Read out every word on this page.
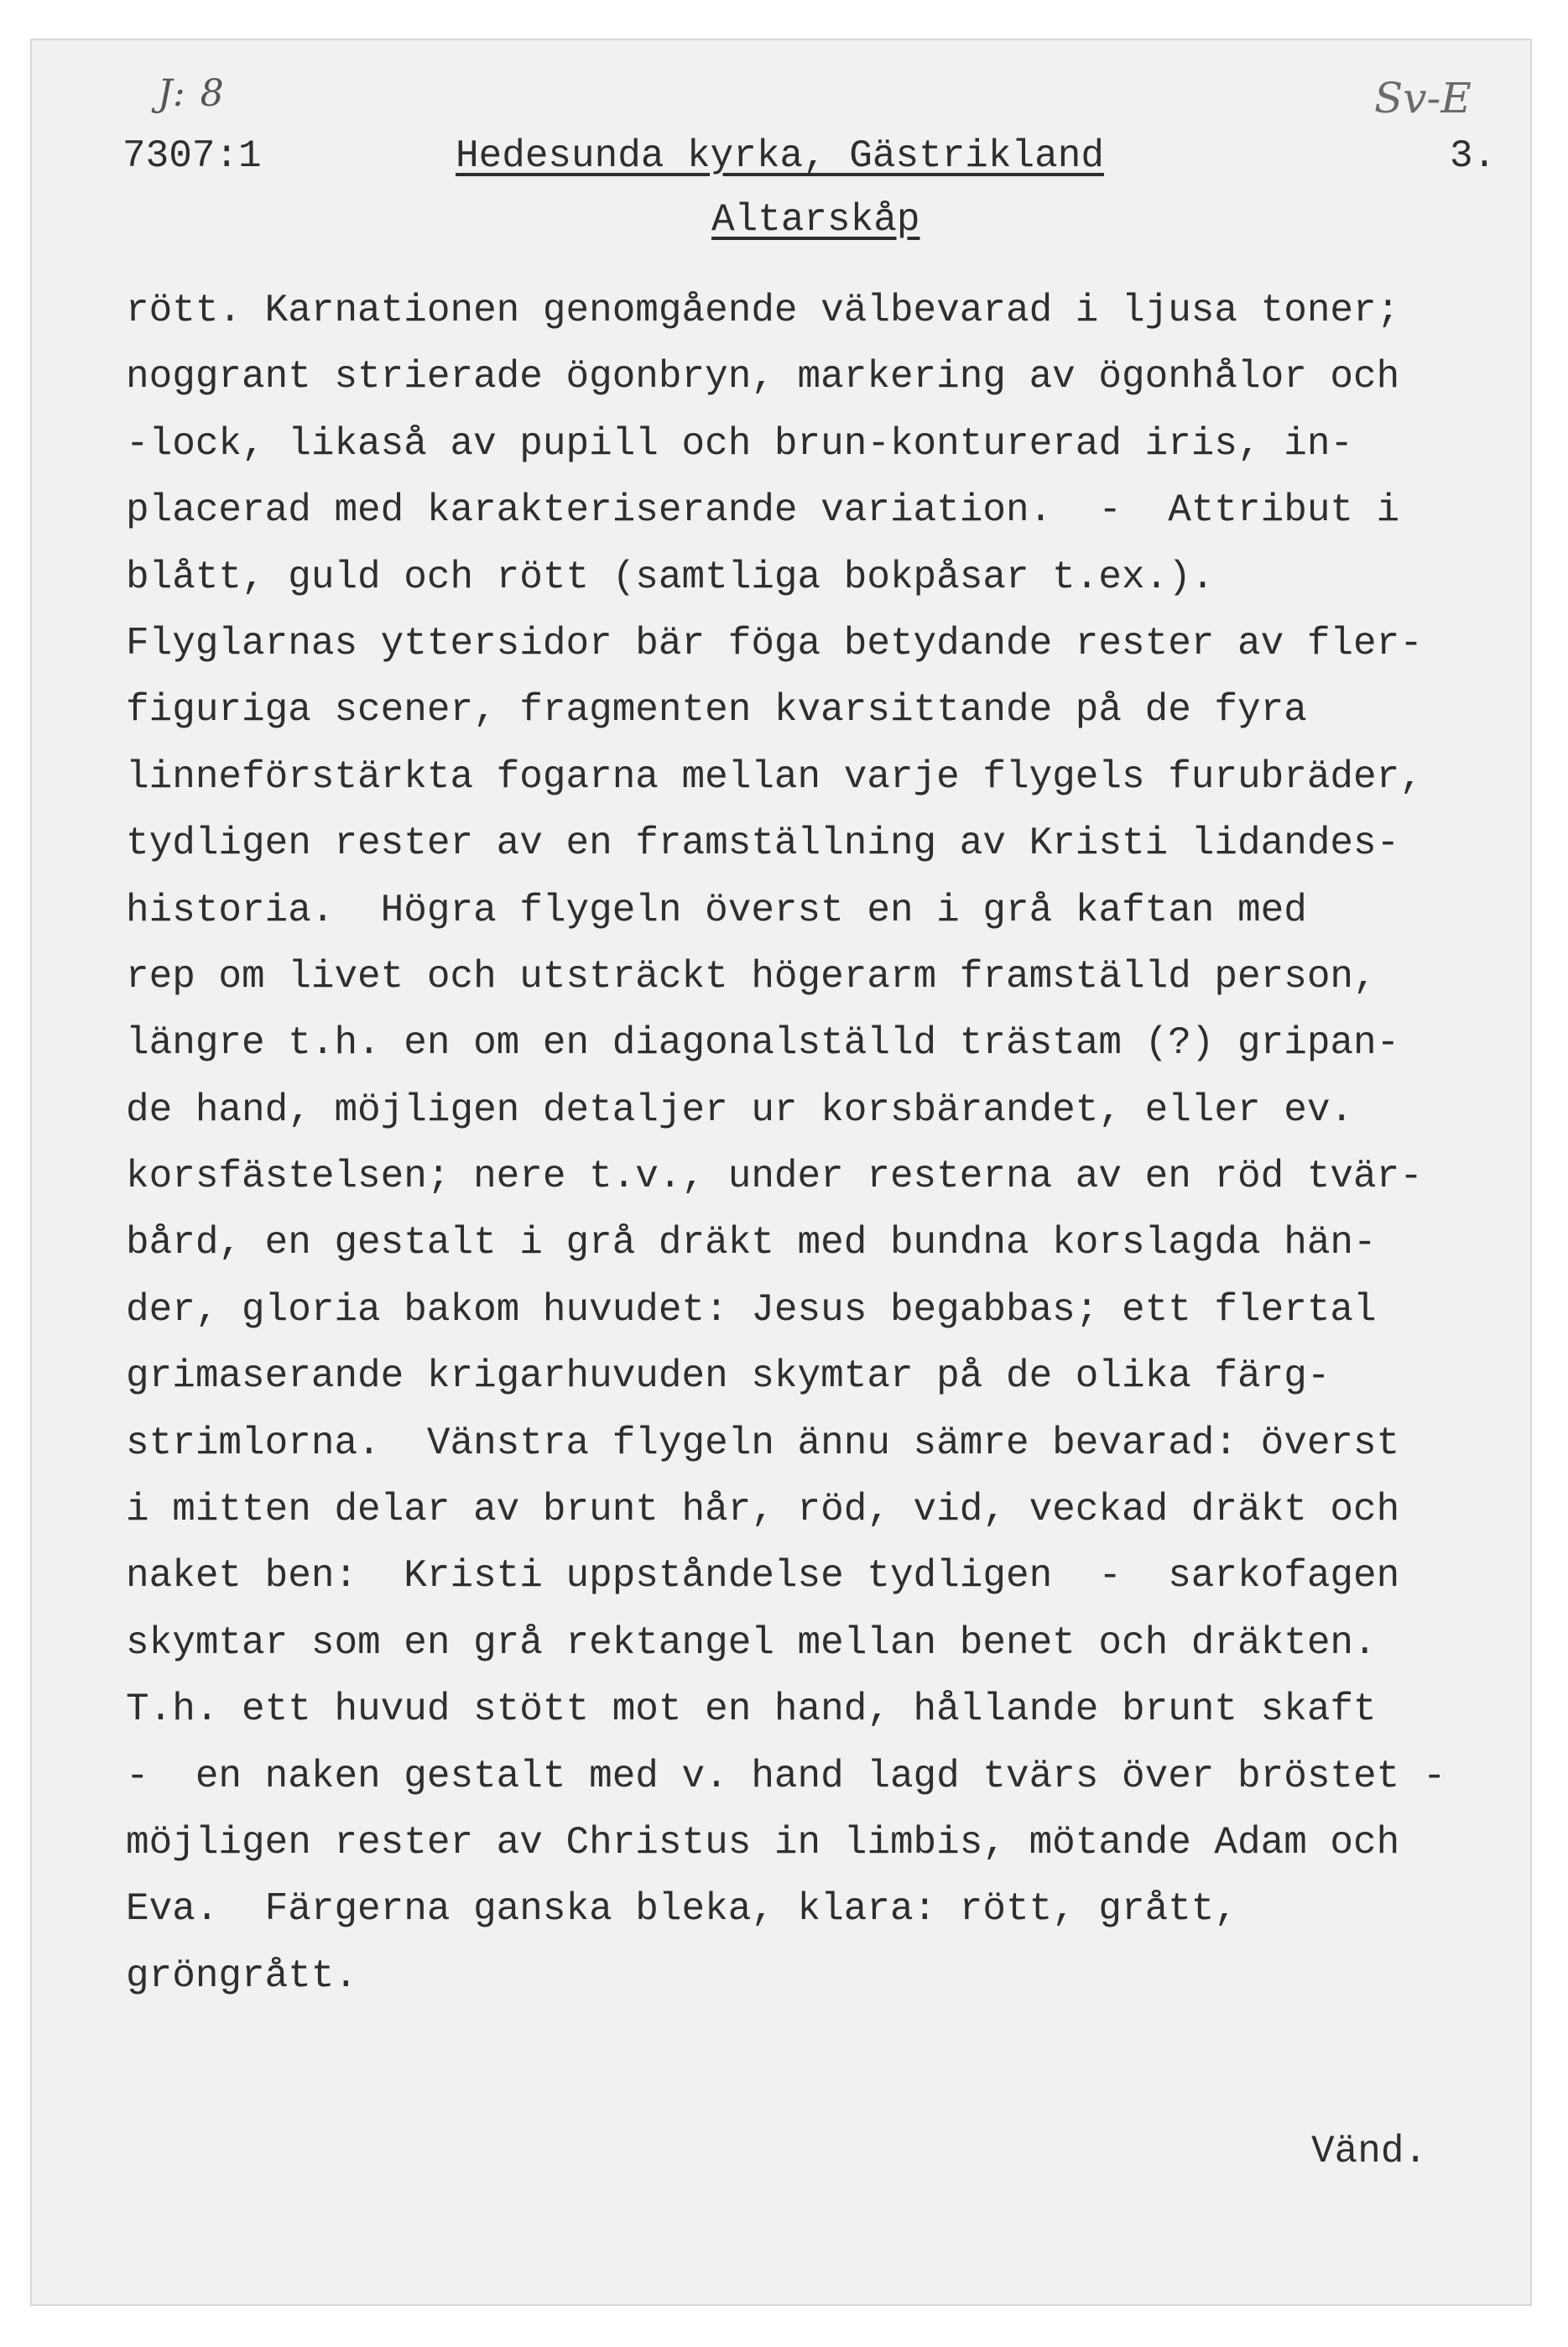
J: 8	Sv-E
7307:1	Hedesunda kyrka, Gästrikland
Altarskåp
3.
rött. Karnationen genomgående välbevarad i ljusa toner;
noggrant strierade ögonbryn, markering av ögonhålor och
-lock, likaså av pupill och brun-konturerad iris, in-
placerad med karakteriserande variation.  -  Attribut i
blått, guld och rött (samtliga bokpåsar t.ex.).
Flyglarnas yttersidor bär föga betydande rester av fler-
figuriga scener, fragmenten kvarsittande på de fyra
linneförstärkta fogarna mellan varje flygels furubräder,
tydligen rester av en framställning av Kristi lidandes-
historia.  Högra flygeln överst en i grå kaftan med
rep om livet och utsträckt högerarm framställd person,
längre t.h. en om en diagonalställd trästam (?) gripan-
de hand, möjligen detaljer ur korsbärandet, eller ev.
korsfästelsen; nere t.v., under resterna av en röd tvär-
bård, en gestalt i grå dräkt med bundna korslagda hän-
der, gloria bakom huvudet: Jesus begabbas; ett flertal
grimaserande krigarhuvuden skymtar på de olika färg-
strimlorna.  Vänstra flygeln ännu sämre bevarad: överst
i mitten delar av brunt hår, röd, vid, veckad dräkt och
naket ben:  Kristi uppståndelse tydligen  -  sarkofagen
skymtar som en grå rektangel mellan benet och dräkten.
T.h. ett huvud stött mot en hand, hållande brunt skaft
-  en naken gestalt med v. hand lagd tvärs över bröstet -
möjligen rester av Christus in limbis, mötande Adam och
Eva.  Färgerna ganska bleka, klara: rött, grått,
gröngrått.
Vänd.
